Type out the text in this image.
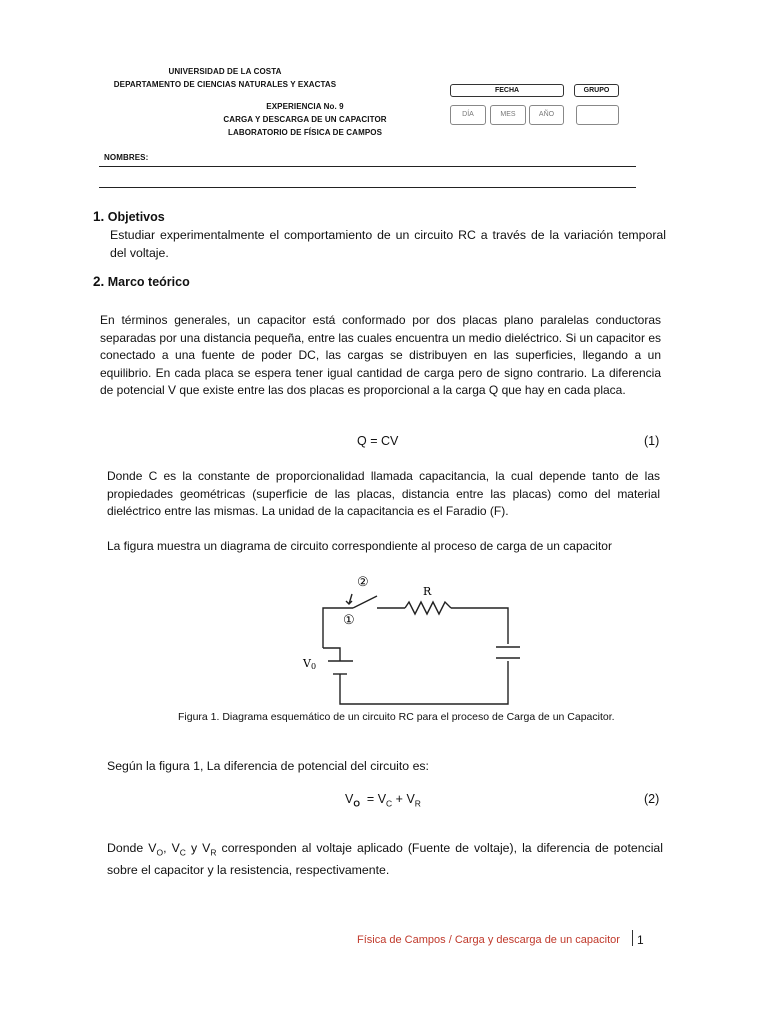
UNIVERSIDAD DE LA COSTA
DEPARTAMENTO DE CIENCIAS NATURALES Y EXACTAS
EXPERIENCIA No. 9
CARGA Y DESCARGA DE UN CAPACITOR
LABORATORIO DE FÍSICA DE CAMPOS
FECHA	GRUPO
DÍA	MES	AÑO
NOMBRES:
1. Objetivos
Estudiar experimentalmente el comportamiento de un circuito RC a través de la variación temporal del voltaje.
2. Marco teórico
En términos generales, un capacitor está conformado por dos placas plano paralelas conductoras separadas por una distancia pequeña, entre las cuales encuentra un medio dieléctrico. Si un capacitor es conectado a una fuente de poder DC, las cargas se distribuyen en las superficies, llegando a un equilibrio. En cada placa se espera tener igual cantidad de carga pero de signo contrario. La diferencia de potencial V que existe entre las dos placas es proporcional a la carga Q que hay en cada placa.
Q = CV	(1)
Donde C es la constante de proporcionalidad llamada capacitancia, la cual depende tanto de las propiedades geométricas (superficie de las placas, distancia entre las placas) como del material dieléctrico entre las mismas. La unidad de la capacitancia es el Faradio (F).
La figura muestra un diagrama de circuito correspondiente al proceso de carga de un capacitor
②
①
R
V0
Figura 1. Diagrama esquemático de un circuito RC para el proceso de Carga de un Capacitor.
Según la figura 1, La diferencia de potencial del circuito es:
$V_O = V_C + V_R$	(2)
Donde $V_O$, $V_C$ y $V_R$ corresponden al voltaje aplicado (Fuente de voltaje), la diferencia de potencial sobre el capacitor y la resistencia, respectivamente.
Física de Campos / Carga y descarga de un capacitor 1
